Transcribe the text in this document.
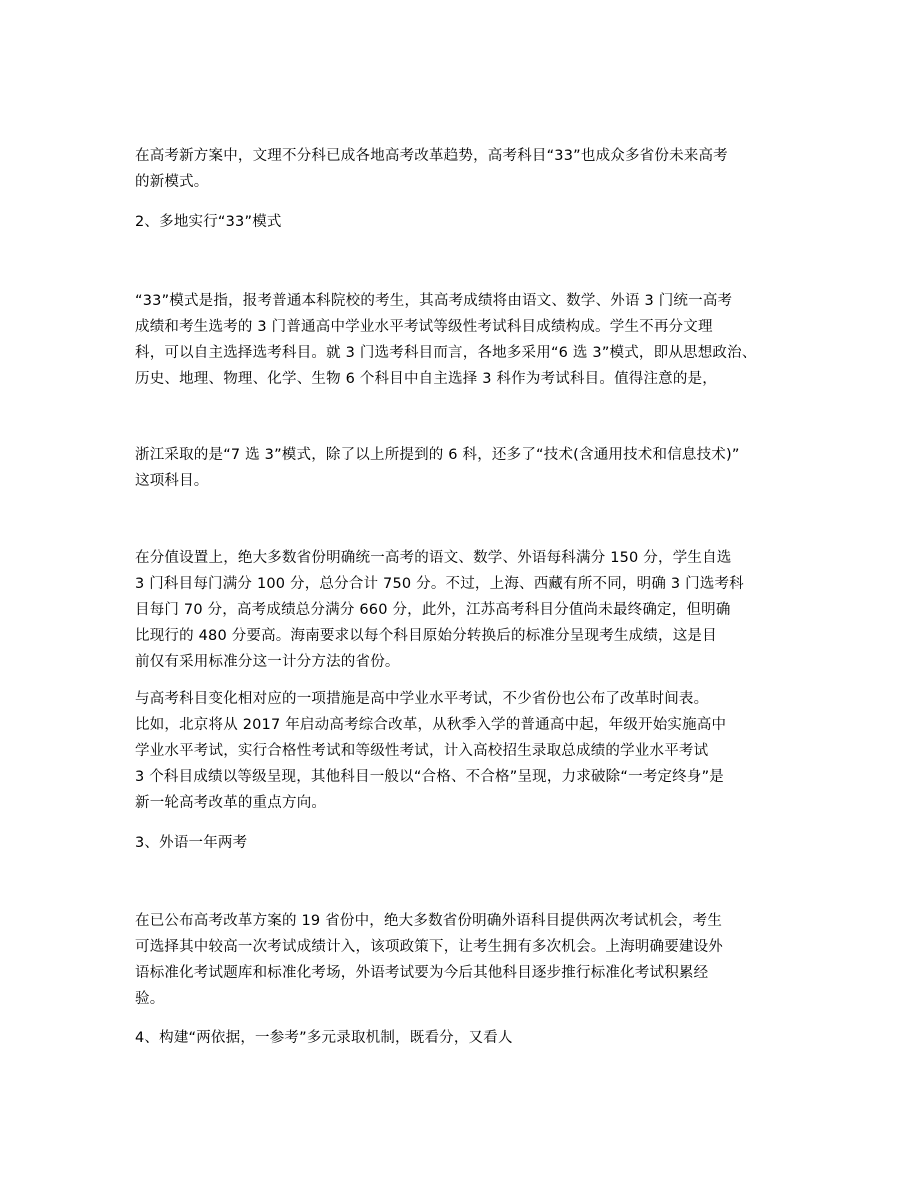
在高考新方案中，文理不分科已成各地高考改革趋势，高考科目“33”也成众多省份未来高考
的新模式。
2、多地实行“33”模式
“33”模式是指，报考普通本科院校的考生，其高考成绩将由语文、数学、外语 3 门统一高考
成绩和考生选考的 3 门普通高中学业水平考试等级性考试科目成绩构成。学生不再分文理
科，可以自主选择选考科目。就 3 门选考科目而言，各地多采用“6 选 3”模式，即从思想政治、
历史、地理、物理、化学、生物 6 个科目中自主选择 3 科作为考试科目。值得注意的是，
浙江采取的是“7 选 3”模式，除了以上所提到的 6 科，还多了“技术(含通用技术和信息技术)”
这项科目。
在分值设置上，绝大多数省份明确统一高考的语文、数学、外语每科满分 150 分，学生自选
3 门科目每门满分 100 分，总分合计 750 分。不过，上海、西藏有所不同，明确 3 门选考科
目每门 70 分，高考成绩总分满分 660 分，此外，江苏高考科目分值尚未最终确定，但明确
比现行的 480 分要高。海南要求以每个科目原始分转换后的标准分呈现考生成绩，这是目
前仅有采用标准分这一计分方法的省份。
与高考科目变化相对应的一项措施是高中学业水平考试，不少省份也公布了改革时间表。
比如，北京将从 2017 年启动高考综合改革，从秋季入学的普通高中起，年级开始实施高中
学业水平考试，实行合格性考试和等级性考试，计入高校招生录取总成绩的学业水平考试
3 个科目成绩以等级呈现，其他科目一般以“合格、不合格”呈现，力求破除“一考定终身”是
新一轮高考改革的重点方向。
3、外语一年两考
在已公布高考改革方案的 19 省份中，绝大多数省份明确外语科目提供两次考试机会，考生
可选择其中较高一次考试成绩计入，该项政策下，让考生拥有多次机会。上海明确要建设外
语标准化考试题库和标准化考场，外语考试要为今后其他科目逐步推行标准化考试积累经
验。
4、构建“两依据，一参考”多元录取机制，既看分，又看人
